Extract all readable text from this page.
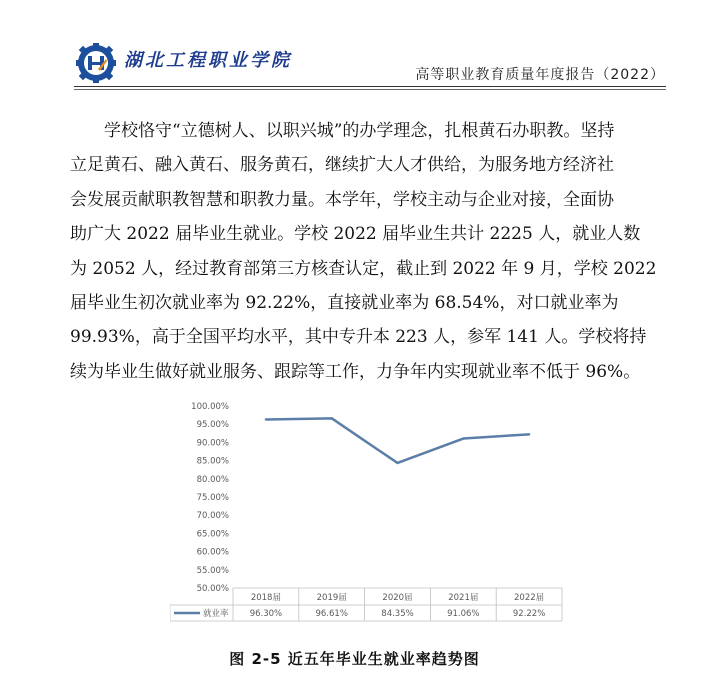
湖北工程职业学院
高等职业教育质量年度报告（2022）
学校恪守“立德树人、以职兴城”的办学理念，扎根黄石办职教。坚持
立足黄石、融入黄石、服务黄石，继续扩大人才供给，为服务地方经济社
会发展贡献职教智慧和职教力量。本学年，学校主动与企业对接，全面协
助广大 2022 届毕业生就业。学校 2022 届毕业生共计 2225 人，就业人数
为 2052 人，经过教育部第三方核查认定，截止到 2022 年 9 月，学校 2022
届毕业生初次就业率为 92.22%，直接就业率为 68.54%，对口就业率为
99.93%，高于全国平均水平，其中专升本 223 人，参军 141 人。学校将持
续为毕业生做好就业服务、跟踪等工作，力争年内实现就业率不低于 96%。
100.00%
95.00%
90.00%
85.00%
80.00%
75.00%
70.00%
65.00%
60.00%
55.00%
50.00%
2018届	2019届	2020届	2021届	2022届
就业率 96.30%	96.61%	84.35%	91.06%	92.22%
图 2-5 近五年毕业生就业率趋势图
